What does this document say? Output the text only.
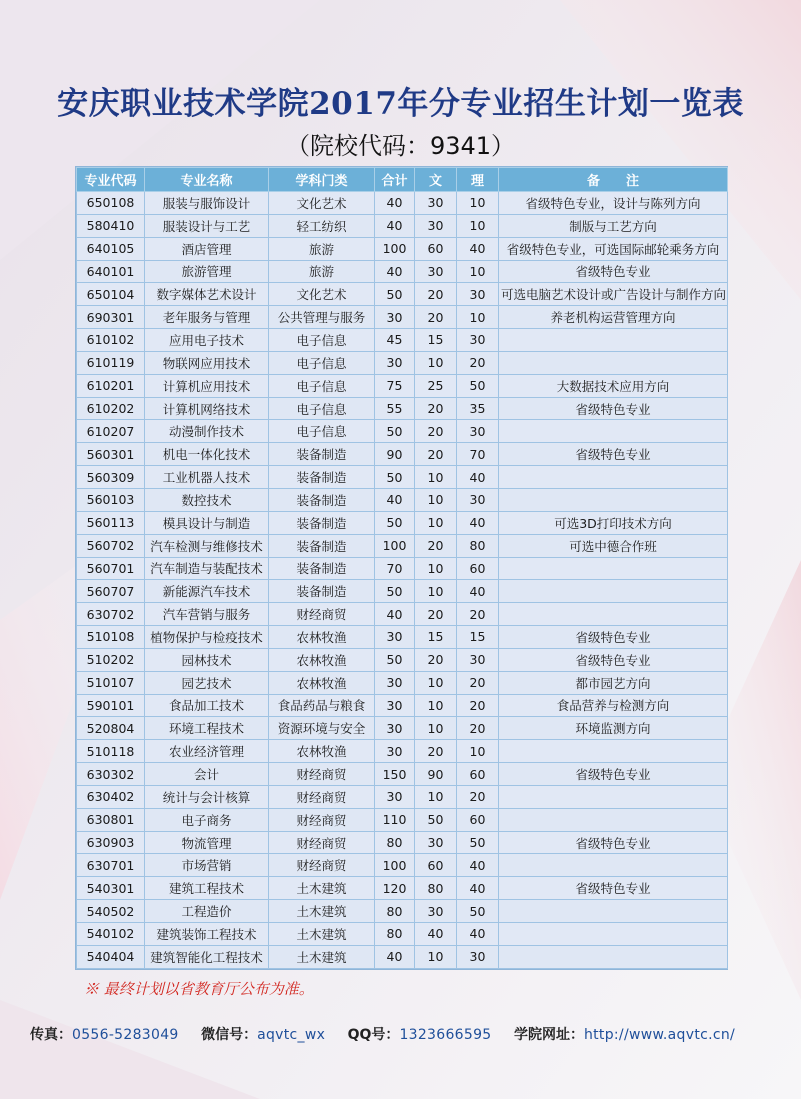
安庆职业技术学院2017年分专业招生计划一览表
（院校代码：9341）
专业代码	专业名称	学科门类	合计	文	理	备　　注
650108	服装与服饰设计	文化艺术	40	30	10	省级特色专业，设计与陈列方向
580410	服装设计与工艺	轻工纺织	40	30	10	制版与工艺方向
640105	酒店管理	旅游	100	60	40	省级特色专业，可选国际邮轮乘务方向
640101	旅游管理	旅游	40	30	10	省级特色专业
650104	数字媒体艺术设计	文化艺术	50	20	30	可选电脑艺术设计或广告设计与制作方向
690301	老年服务与管理	公共管理与服务	30	20	10	养老机构运营管理方向
610102	应用电子技术	电子信息	45	15	30	
610119	物联网应用技术	电子信息	30	10	20	
610201	计算机应用技术	电子信息	75	25	50	大数据技术应用方向
610202	计算机网络技术	电子信息	55	20	35	省级特色专业
610207	动漫制作技术	电子信息	50	20	30	
560301	机电一体化技术	装备制造	90	20	70	省级特色专业
560309	工业机器人技术	装备制造	50	10	40	
560103	数控技术	装备制造	40	10	30	
560113	模具设计与制造	装备制造	50	10	40	可选3D打印技术方向
560702	汽车检测与维修技术	装备制造	100	20	80	可选中德合作班
560701	汽车制造与装配技术	装备制造	70	10	60	
560707	新能源汽车技术	装备制造	50	10	40	
630702	汽车营销与服务	财经商贸	40	20	20	
510108	植物保护与检疫技术	农林牧渔	30	15	15	省级特色专业
510202	园林技术	农林牧渔	50	20	30	省级特色专业
510107	园艺技术	农林牧渔	30	10	20	都市园艺方向
590101	食品加工技术	食品药品与粮食	30	10	20	食品营养与检测方向
520804	环境工程技术	资源环境与安全	30	10	20	环境监测方向
510118	农业经济管理	农林牧渔	30	20	10	
630302	会计	财经商贸	150	90	60	省级特色专业
630402	统计与会计核算	财经商贸	30	10	20	
630801	电子商务	财经商贸	110	50	60	
630903	物流管理	财经商贸	80	30	50	省级特色专业
630701	市场营销	财经商贸	100	60	40	
540301	建筑工程技术	土木建筑	120	80	40	省级特色专业
540502	工程造价	土木建筑	80	30	50	
540102	建筑装饰工程技术	土木建筑	80	40	40	
540404	建筑智能化工程技术	土木建筑	40	10	30	
※ 最终计划以省教育厅公布为准。
传真：0556-5283049 微信号：aqvtc_wx QQ号：1323666595 学院网址：http://www.aqvtc.cn/
